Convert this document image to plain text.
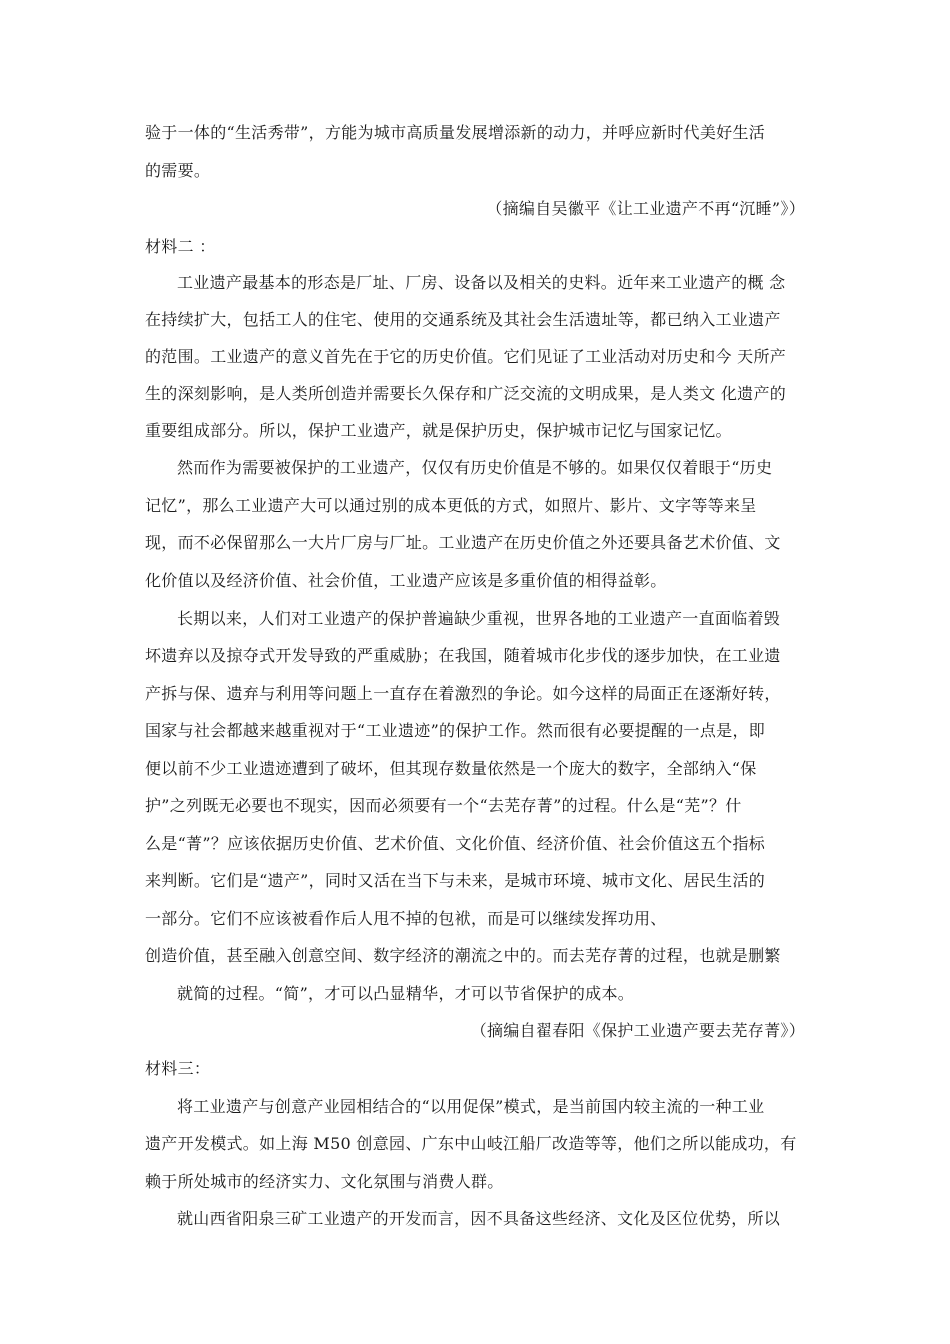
验于一体的“生活秀带”，方能为城市高质量发展增添新的动力，并呼应新时代美好生活
的需要。
（摘编自吴徽平《让工业遗产不再“沉睡”》）
材料二 ：
工业遗产最基本的形态是厂址、厂房、设备以及相关的史料。近年来工业遗产的概 念
在持续扩大，包括工人的住宅、使用的交通系统及其社会生活遗址等，都已纳入工业遗产
的范围。工业遗产的意义首先在于它的历史价值。它们见证了工业活动对历史和今 天所产
生的深刻影响，是人类所创造并需要长久保存和广泛交流的文明成果，是人类文 化遗产的
重要组成部分。所以，保护工业遗产，就是保护历史，保护城市记忆与国家记忆。
然而作为需要被保护的工业遗产，仅仅有历史价值是不够的。如果仅仅着眼于“历史
记忆”，那么工业遗产大可以通过别的成本更低的方式，如照片、影片、文字等等来呈
现，而不必保留那么一大片厂房与厂址。工业遗产在历史价值之外还要具备艺术价值、文
化价值以及经济价值、社会价值，工业遗产应该是多重价值的相得益彰。
长期以来，人们对工业遗产的保护普遍缺少重视，世界各地的工业遗产一直面临着毁
坏遗弃以及掠夺式开发导致的严重威胁；在我国，随着城市化步伐的逐步加快，在工业遗
产拆与保、遗弃与利用等问题上一直存在着激烈的争论。如今这样的局面正在逐渐好转，
国家与社会都越来越重视对于“工业遗迹”的保护工作。然而很有必要提醒的一点是，即
便以前不少工业遗迹遭到了破坏，但其现存数量依然是一个庞大的数字，全部纳入“保
护”之列既无必要也不现实，因而必须要有一个“去芜存菁”的过程。什么是“芜”？什
么是“菁”？应该依据历史价值、艺术价值、文化价值、经济价值、社会价值这五个指标
来判断。它们是“遗产”，同时又活在当下与未来，是城市环境、城市文化、居民生活的
一部分。它们不应该被看作后人甩不掉的包袱，而是可以继续发挥功用、
创造价值，甚至融入创意空间、数字经济的潮流之中的。而去芜存菁的过程，也就是删繁
就简的过程。“简”，才可以凸显精华，才可以节省保护的成本。
（摘编自翟春阳《保护工业遗产要去芜存菁》）
材料三：
将工业遗产与创意产业园相结合的“以用促保”模式，是当前国内较主流的一种工业
遗产开发模式。如上海 M50 创意园、广东中山岐江船厂改造等等，他们之所以能成功，有
赖于所处城市的经济实力、文化氛围与消费人群。
就山西省阳泉三矿工业遗产的开发而言，因不具备这些经济、文化及区位优势，所以
